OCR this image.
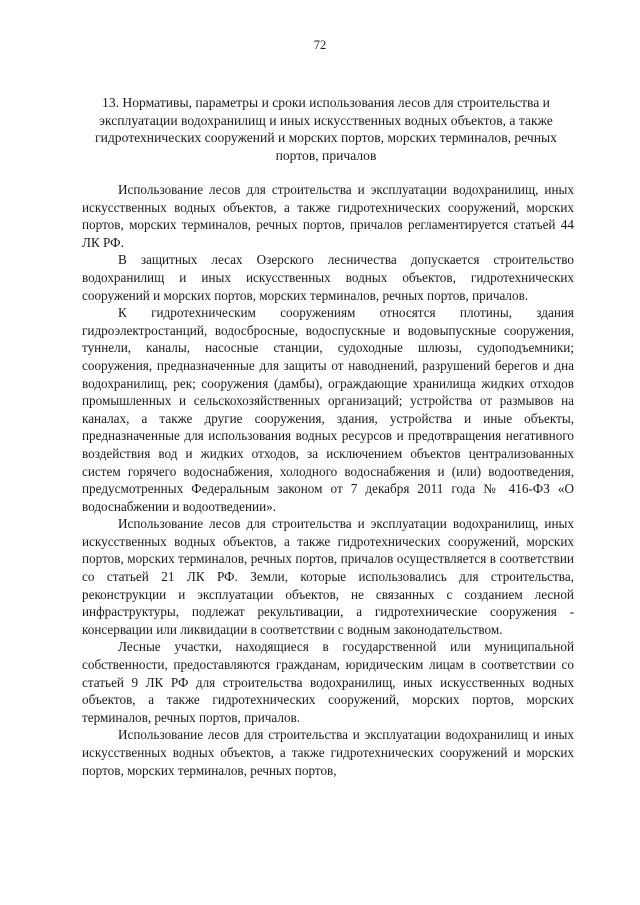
72
13. Нормативы, параметры и сроки использования лесов для строительства и эксплуатации водохранилищ и иных искусственных водных объектов, а также гидротехнических сооружений и морских портов, морских терминалов, речных портов, причалов

Использование лесов для строительства и эксплуатации водохранилищ, иных искусственных водных объектов, а также гидротехнических сооружений, морских портов, морских терминалов, речных портов, причалов регламентируется статьей 44 ЛК РФ.

В защитных лесах Озерского лесничества допускается строительство водохранилищ и иных искусственных водных объектов, гидротехнических сооружений и морских портов, морских терминалов, речных портов, причалов.

К гидротехническим сооружениям относятся плотины, здания гидроэлектростанций, водосбросные, водоспускные и водовыпускные сооружения, туннели, каналы, насосные станции, судоходные шлюзы, судоподъемники; сооружения, предназначенные для защиты от наводнений, разрушений берегов и дна водохранилищ, рек; сооружения (дамбы), ограждающие хранилища жидких отходов промышленных и сельскохозяйственных организаций; устройства от размывов на каналах, а также другие сооружения, здания, устройства и иные объекты, предназначенные для использования водных ресурсов и предотвращения негативного воздействия вод и жидких отходов, за исключением объектов централизованных систем горячего водоснабжения, холодного водоснабжения и (или) водоотведения, предусмотренных Федеральным законом от 7 декабря 2011 года № 416-ФЗ «О водоснабжении и водоотведении».

Использование лесов для строительства и эксплуатации водохранилищ, иных искусственных водных объектов, а также гидротехнических сооружений, морских портов, морских терминалов, речных портов, причалов осуществляется в соответствии со статьей 21 ЛК РФ. Земли, которые использовались для строительства, реконструкции и эксплуатации объектов, не связанных с созданием лесной инфраструктуры, подлежат рекультивации, а гидротехнические сооружения - консервации или ликвидации в соответствии с водным законодательством.

Лесные участки, находящиеся в государственной или муниципальной собственности, предоставляются гражданам, юридическим лицам в соответствии со статьей 9 ЛК РФ для строительства водохранилищ, иных искусственных водных объектов, а также гидротехнических сооружений, морских портов, морских терминалов, речных портов, причалов.

Использование лесов для строительства и эксплуатации водохранилищ и иных искусственных водных объектов, а также гидротехнических сооружений и морских портов, морских терминалов, речных портов,
